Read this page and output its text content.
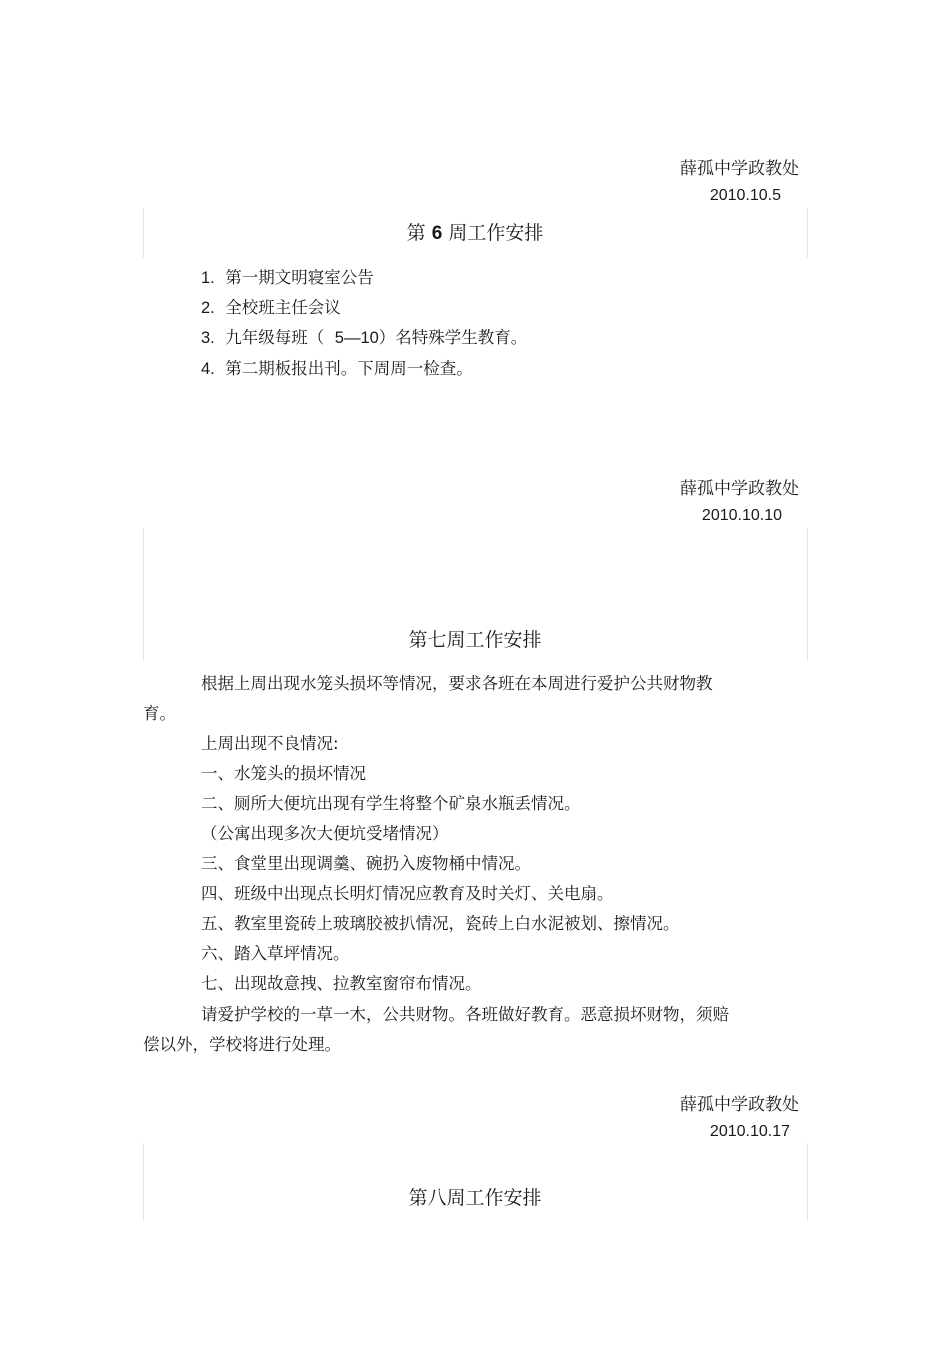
薛孤中学政教处
2010.10.5
第 6 周工作安排
1. 第一期文明寝室公告
2. 全校班主任会议
3. 九年级每班（ 5—10）名特殊学生教育。
4. 第二期板报出刊。下周周一检查。
薛孤中学政教处
2010.10.10
第七周工作安排
根据上周出现水笼头损坏等情况，要求各班在本周进行爱护公共财物教
育。
上周出现不良情况:
一、水笼头的损坏情况
二、厕所大便坑出现有学生将整个矿泉水瓶丢情况。
（公寓出现多次大便坑受堵情况）
三、食堂里出现调羹、碗扔入废物桶中情况。
四、班级中出现点长明灯情况应教育及时关灯、关电扇。
五、教室里瓷砖上玻璃胶被扒情况，瓷砖上白水泥被划、擦情况。
六、踏入草坪情况。
七、出现故意拽、拉教室窗帘布情况。
请爱护学校的一草一木，公共财物。各班做好教育。恶意损坏财物，须赔
偿以外，学校将进行处理。
薛孤中学政教处
2010.10.17
第八周工作安排
